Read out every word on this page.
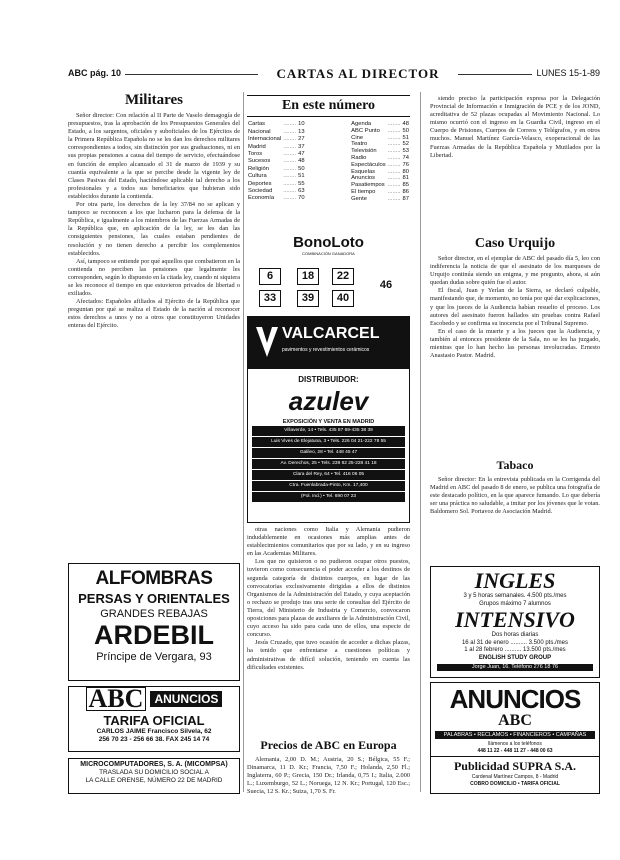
ABC pág. 10	CARTAS AL DIRECTOR	LUNES 15-1-89
Militares

Señor director: Con relación al II Parte de Vaselo demagogía de presupuestos, tras la aprobación de los Presupuestos Generales del Estado, a los sargentos, oficiales y suboficiales de los Ejércitos de la Primera República Española no se les dan los derechos militares correspondientes a todos, sin distinción por sus graduaciones, ni en sus propias pensiones a causa del tiempo de servicio, efectuándose en función de empleo alcanzado el 31 de marzo de 1939 y su cuantía equivalente a la que se percibe desde la vigente ley de Clases Pasivas del Estado, haciéndose aplicable tal derecho a los profesionales y a todos sus beneficiarios que hubieran sido establecidos durante la contienda.

Por otra parte, los derechos de la ley 37/84 no se aplican y tampoco se reconocen a los que lucharon para la defensa de la República, e igualmente a los miembros de las Fuerzas Armadas de la República que, en aplicación de la ley, se les dan las consiguientes pensiones, las cuales estaban pendientes de resolución y no tienen derecho a percibir los complementos establecidos.

Así, tampoco se entiende por qué aquellos que combatieron en la contienda no perciben las pensiones que legalmente les corresponden, según lo dispuesto en la citada ley, cuando ni siquiera se les reconoce el tiempo en que estuvieron privados de libertad o exiliados.

Afectados: Españoles afiliados al Ejército de la República que preguntan por qué se realiza el Estado de la nación al reconocer estos derechos a unos y no a otros que constituyeron Unidades enteras del Ejército.

ALFOMBRAS
PERSAS Y ORIENTALES
GRANDES REBAJAS
ARDEBIL
Príncipe de Vergara, 93
ABC ANUNCIOS
TARIFA OFICIAL
CARLOS JAIME Francisco Silvela, 62
256 70 23 - 256 66 38. FAX 245 14 74
MICROCOMPUTADORES, S. A. (MICOMPSA)
TRASLADA SU DOMICILIO SOCIAL A
LA CALLE ORENSE, NÚMERO 22 DE MADRID
En este número
Cartas	........	10
Nacional	........	13
Internacional	........	27
Madrid	........	37
Toros	........	47
Sucesos	........	48
Religión	........	50
Cultura	........	51
Deportes	........	55
Sociedad	........	63
Economía	........	70
Agenda	........	48
ABC Punto	........	50
Cine	........	51
Teatro	........	52
Televisión	........	53
Radio	........	74
Espectáculos	........	76
Esquelas	........	80
Anuncios	........	81
Pasatiempos	........	85
El tiempo	........	86
Gente	........	87
BonoLoto
COMBINACIÓN GANADORA
6	18	22
33	39	40
46
VALCARCEL
pavimentos y revestimientos cerámicos
DISTRIBUIDOR:
azulev
EXPOSICIÓN Y VENTA EN MADRID
Villaverde, 14 • Tels. 435 87 69-435 38 39
Luis Vives de Elejatuna, 3 • Tels. 226 04 21-222 78 55
Galileo, 28 • Tel. 448 45 47
Av. Derechos, 25 • Tels. 239 82 25-228 41 18
Clara del Rey, 64 • Tel. 416 06 05
Ctra. Fuenlabrada-Pinto, Km. 17,400
(Pol. Ind.) • Tel. 690 07 23

otras naciones como Italia y Alemania pudieron indudablemente en ocasiones más amplias antes de establecimientos comunitarios que por su lado, y en su ingreso en las Academias Militares.

Los que no quisieron o no pudieron ocupar otros puestos, tuvieron como consecuencia el poder acceder a los destinos de segunda categoría de distintos cuerpos, en lugar de las convocatorias exclusivamente dirigidas a ellos de distintos Organismos de la Administración del Estado, y cuya aceptación o rechazo se produjo tras una serie de consultas del Ejército de Tierra, del Ministerio de Industria y Comercio, convocaron oposiciones para plazas de auxiliares de la Administración Civil, cuyo acceso ha sido para cada uno de ellos, una especie de concurso.

Jesús Cruzado, que tuvo ocasión de acceder a dichas plazas, ha tenido que enfrentarse a cuestiones políticas y administrativas de difícil solución, teniendo en cuenta las dificultades existentes.

Precios de ABC en Europa

Alemania, 2,00 D. M.; Austria, 20 S.; Bélgica, 55 F.; Dinamarca, 11 D. Kr.; Francia, 7,50 F.; Holanda, 2,50 Fl.; Inglaterra, 60 P.; Grecia, 150 Dr.; Irlanda, 0,75 I.; Italia, 2.000 L.; Luxemburgo, 52 L.; Noruega, 12 N. Kr.; Portugal, 120 Esc.; Suecia, 12 S. Kr.; Suiza, 1,70 S. Fr.

siendo preciso la participación expresa por la Delegación Provincial de Información e Inmigración de PCE y de los JOND, acreditativa de 52 plazas ocupadas al Movimiento Nacional. Lo mismo ocurrió con el ingreso en la Guardia Civil, ingreso en el Cuerpo de Prisiones, Cuerpos de Correos y Telégrafos, y en otros muchos. Manuel Martínez García-Velasco, exoperacional de las Fuerzas Armadas de la República Española y Mutilados por la Libertad.

Caso Urquijo

Señor director, en el ejemplar de ABC del pasado día 5, leo con indiferencia la noticia de que el asesinato de los marqueses de Urquijo continúa siendo un enigma, y me pregunto, ahora, si aún quedan dudas sobre quién fue el autor.

El fiscal, Juan y Yerlan de la Sierra, se declaró culpable, manifestando que, de momento, no tenía por qué dar explicaciones, y que los jueces de la Audiencia habían resuelto el proceso. Los autores del asesinato fueron hallados sin pruebas contra Rafael Escobedo y se confirma su inocencia por el Tribunal Supremo.

En el caso de la muerte y a los jueces que la Audiencia, y también al entonces presidente de la Sala, no se les ha juzgado, mientras que lo han hecho las personas involucradas. Ernesto Anastasio Pastor. Madrid.

Tabaco

Señor director: En la entrevista publicada en la Corrigenda del Madrid en ABC del pasado 8 de enero, se publica una fotografía de este destacado político, en la que aparece fumando. Lo que debería ser una práctica no saludable, a imitar por los jóvenes que le votan. Baldomero Sol. Portavoz de Asociación Madrid.

INGLES
3 y 5 horas semanales. 4.500 pts./mes
Grupos máximo 7 alumnos
INTENSIVO
Dos horas diarias
16 al 31 de enero .......... 3.500 pts./mes
1 al 28 febrero .......... 13.500 pts./mes
ENGLISH STUDY GROUP
Jorge Juan, 16. Teléfono 276 18 76
ANUNCIOS
ABC
PALABRAS • RECLAMOS • FINANCIEROS • CAMPAÑAS
llámenos a los teléfonos
448 11 22 - 448 11 27 - 448 00 63
Publicidad SUPRA S.A.
Cardenal Martínez Campos, 8 - Madrid
COBRO DOMICILIO • TARIFA OFICIAL
